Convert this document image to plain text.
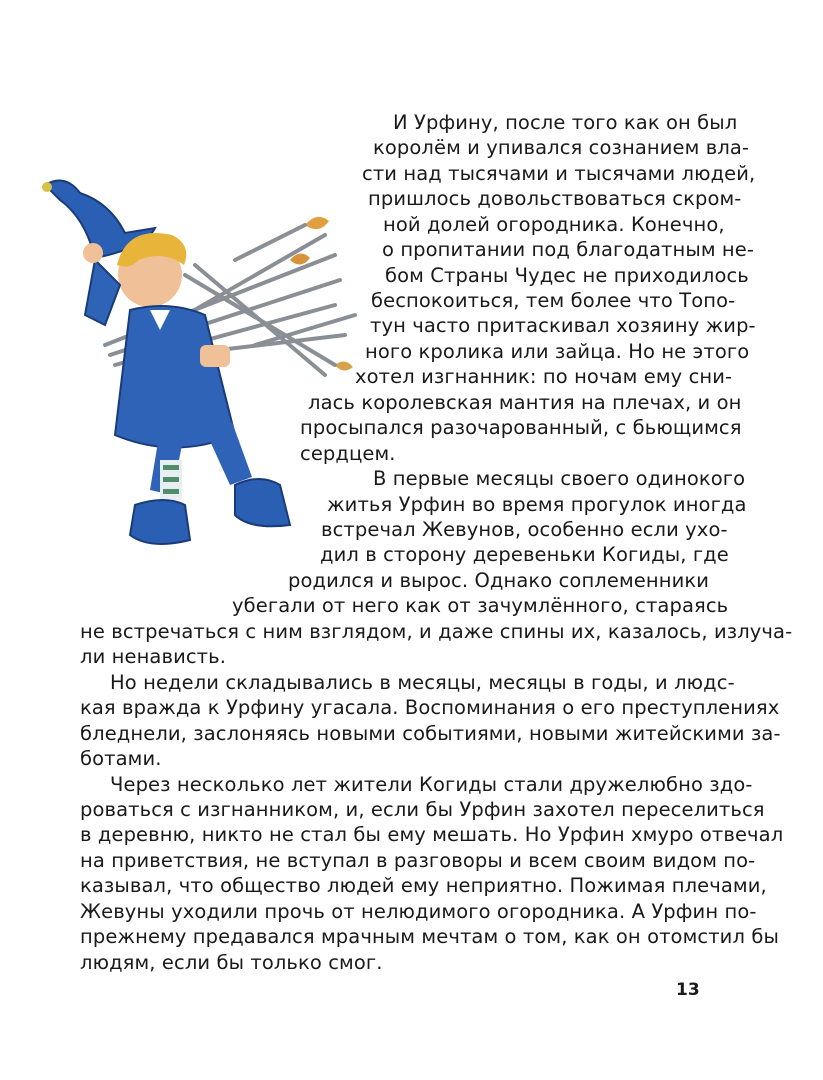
И Урфину, после того как он был
королём и упивался сознанием вла-
сти над тысячами и тысячами людей,
пришлось довольствоваться скром-
ной долей огородника. Конечно,
о пропитании под благодатным не-
бом Страны Чудес не приходилось
беспокоиться, тем более что Топо-
тун часто притаскивал хозяину жир-
ного кролика или зайца. Но не этого
хотел изгнанник: по ночам ему сни-
лась королевская мантия на плечах, и он
просыпался разочарованный, с бьющимся
сердцем.
В первые месяцы своего одинокого
житья Урфин во время прогулок иногда
встречал Жевунов, особенно если ухо-
дил в сторону деревеньки Когиды, где
родился и вырос. Однако соплеменники
убегали от него как от зачумлённого, стараясь
не встречаться с ним взглядом, и даже спины их, казалось, излуча-
ли ненависть.
Но недели складывались в месяцы, месяцы в годы, и людс-
кая вражда к Урфину угасала. Воспоминания о его преступлениях
бледнели, заслоняясь новыми событиями, новыми житейскими за-
ботами.
Через несколько лет жители Когиды стали дружелюбно здо-
роваться с изгнанником, и, если бы Урфин захотел переселиться
в деревню, никто не стал бы ему мешать. Но Урфин хмуро отвечал
на приветствия, не вступал в разговоры и всем своим видом по-
казывал, что общество людей ему неприятно. Пожимая плечами,
Жевуны уходили прочь от нелюдимого огородника. А Урфин по-
прежнему предавался мрачным мечтам о том, как он отомстил бы
людям, если бы только смог.
13
